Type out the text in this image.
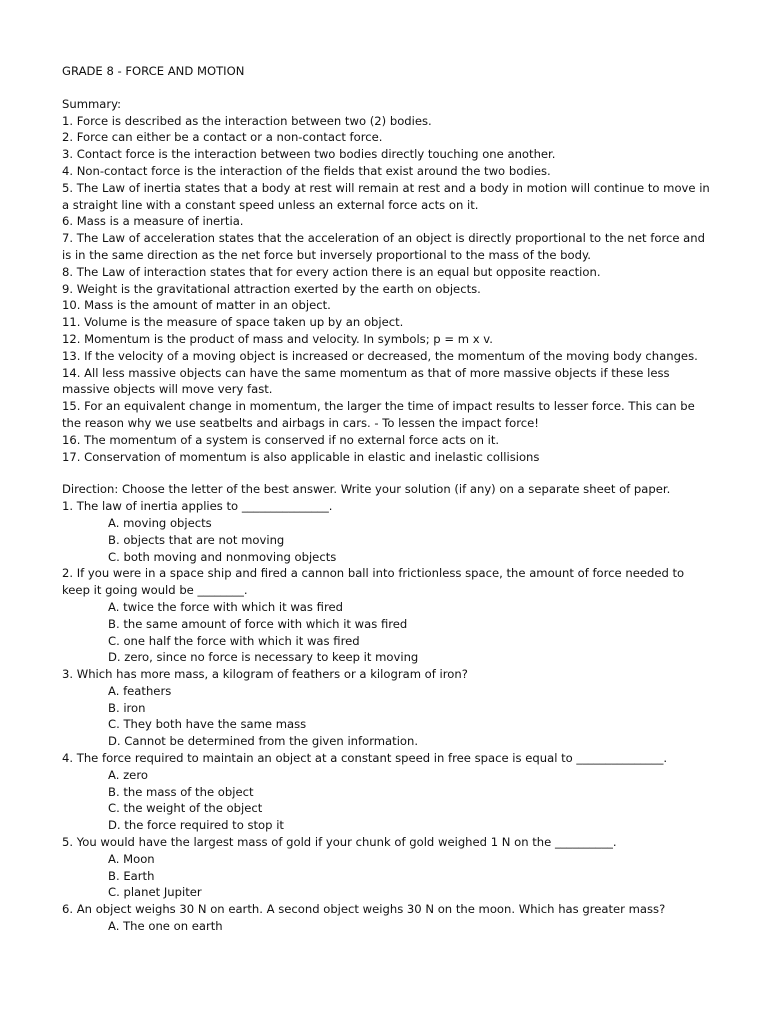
GRADE 8 - FORCE AND MOTION

Summary:

1. Force is described as the interaction between two (2) bodies.

2. Force can either be a contact or a non-contact force.

3. Contact force is the interaction between two bodies directly touching one another.

4. Non-contact force is the interaction of the fields that exist around the two bodies.

5. The Law of inertia states that a body at rest will remain at rest and a body in motion will continue to move in a straight line with a constant speed unless an external force acts on it.

6. Mass is a measure of inertia.

7. The Law of acceleration states that the acceleration of an object is directly proportional to the net force and is in the same direction as the net force but inversely proportional to the mass of the body.

8. The Law of interaction states that for every action there is an equal but opposite reaction.

9. Weight is the gravitational attraction exerted by the earth on objects.

10. Mass is the amount of matter in an object.

11. Volume is the measure of space taken up by an object.

12. Momentum is the product of mass and velocity. In symbols; p = m x v.

13. If the velocity of a moving object is increased or decreased, the momentum of the moving body changes.

14. All less massive objects can have the same momentum as that of more massive objects if these less massive objects will move very fast.

15. For an equivalent change in momentum, the larger the time of impact results to lesser force. This can be the reason why we use seatbelts and airbags in cars. - To lessen the impact force!

16. The momentum of a system is conserved if no external force acts on it.

17. Conservation of momentum is also applicable in elastic and inelastic collisions

Direction: Choose the letter of the best answer. Write your solution (if any) on a separate sheet of paper.

1. The law of inertia applies to _______________.

A. moving objects

B. objects that are not moving

C. both moving and nonmoving objects

2. If you were in a space ship and fired a cannon ball into frictionless space, the amount of force needed to keep it going would be ________.

A. twice the force with which it was fired

B. the same amount of force with which it was fired

C. one half the force with which it was fired

D. zero, since no force is necessary to keep it moving

3. Which has more mass, a kilogram of feathers or a kilogram of iron?

A. feathers

B. iron

C. They both have the same mass

D. Cannot be determined from the given information.

4. The force required to maintain an object at a constant speed in free space is equal to _______________.

A. zero

B. the mass of the object

C. the weight of the object

D. the force required to stop it

5. You would have the largest mass of gold if your chunk of gold weighed 1 N on the __________.

A. Moon

B. Earth

C. planet Jupiter

6. An object weighs 30 N on earth. A second object weighs 30 N on the moon. Which has greater mass?

A. The one on earth
